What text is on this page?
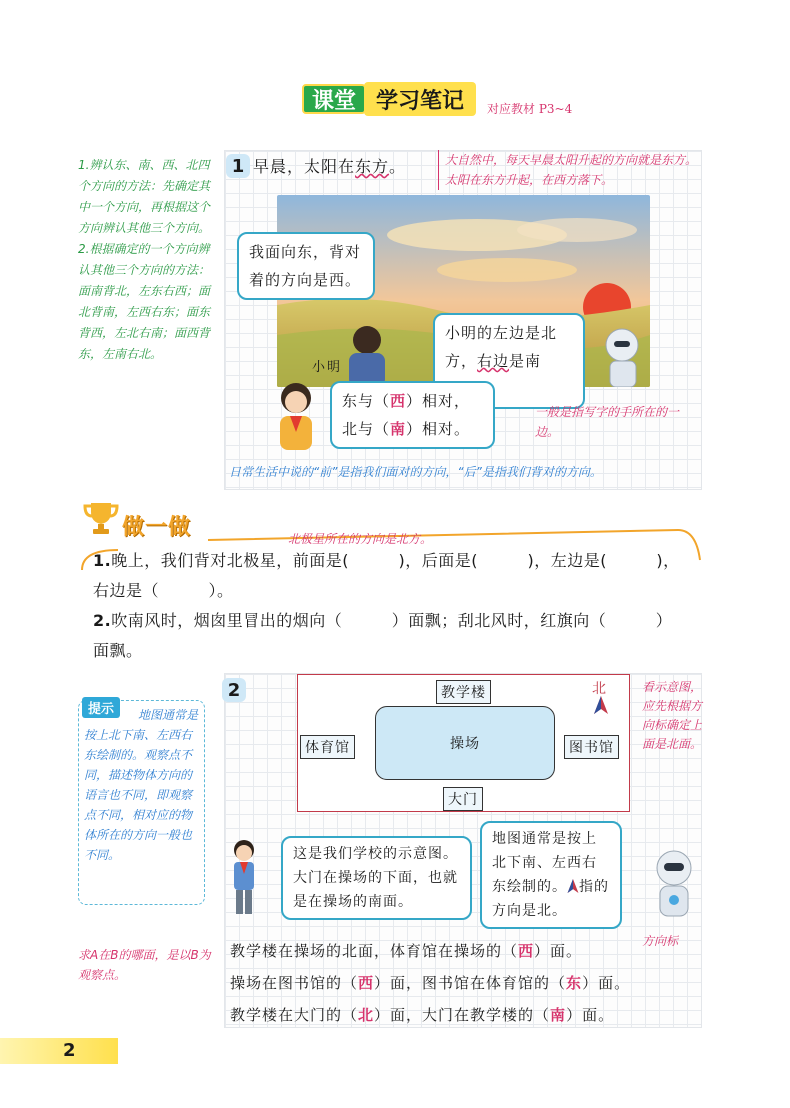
课堂 学习笔记	对应教材 P3~4
1.辨认东、南、西、北四个方向的方法：先确定其中一个方向，再根据这个方向辨认其他三个方向。2.根据确定的一个方向辨认其他三个方向的方法：面南背北，左东右西；面北背南，左西右东；面东背西，左北右南；面西背东，左南右北。
1 早晨，太阳在东方。	大自然中，每天早晨太阳升起的方向就是东方。太阳在东方升起，在西方落下。
小明
我面向东，背对着的方向是西。
小明的左边是北方，右边是南
东与（西）相对，
北与（南）相对。
一般是指写字的手所在的一边。
日常生活中说的“前”是指我们面对的方向，“后”是指我们背对的方向。
做一做	北极星所在的方向是北方。
1.晚上，我们背对北极星，前面是(　　　)，后面是(　　　)，左边是(　　　)，
右边是（　　　）。
2.吹南风时，烟囱里冒出的烟向（　　　）面飘；刮北风时，红旗向（　　　）
面飘。
2
操场
教学楼
体育馆	图书馆
大门
北	看示意图，应先根据方向标确定上面是北面。
提示	地图通常是按上北下南、左西右东绘制的。观察点不同，描述物体方向的语言也不同，即观察点不同，相对应的物体所在的方向一般也不同。	这是我们学校的示意图。大门在操场的下面，也就是在操场的南面。
地图通常是按上北下南、左西右东绘制的。 指的方向是北。
方向标
求A在B的哪面，是以B为观察点。
教学楼在操场的北面，体育馆在操场的（西）面。
操场在图书馆的（西）面，图书馆在体育馆的（东）面。
教学楼在大门的（北）面，大门在教学楼的（南）面。
2
